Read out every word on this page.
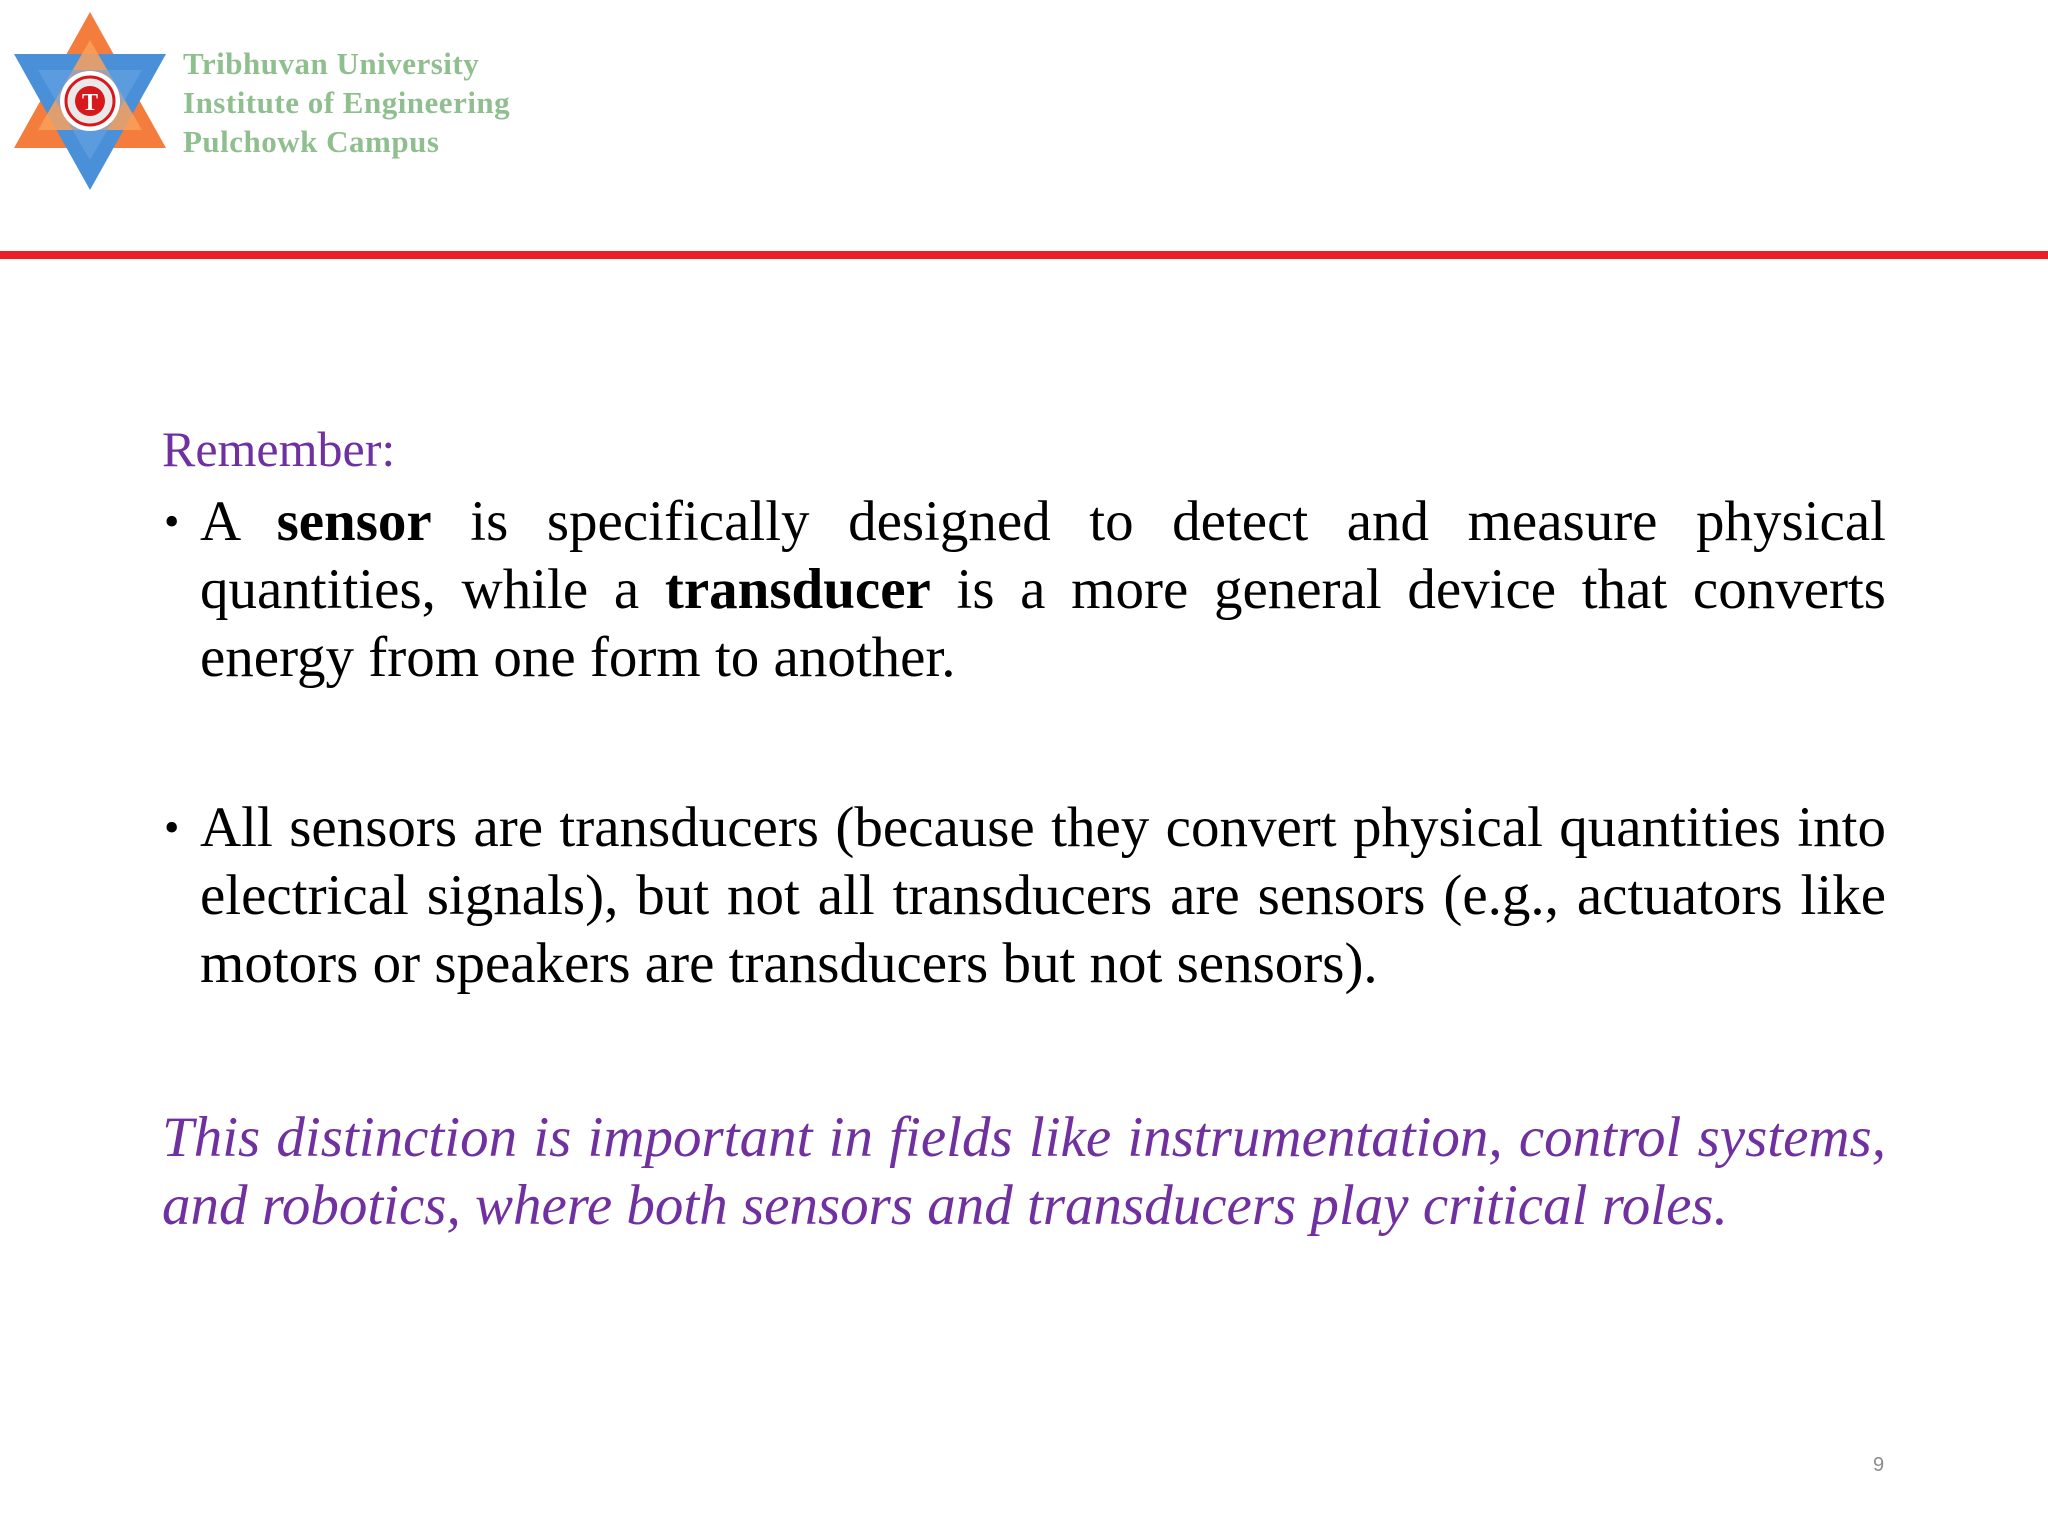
T
Tribhuvan University
Institute of Engineering
Pulchowk Campus

Remember:

• A sensor is specifically designed to detect and measure physical quantities, while a transducer is a more general device that converts energy from one form to another.
• All sensors are transducers (because they convert physical quantities into electrical signals), but not all transducers are sensors (e.g., actuators like motors or speakers are transducers but not sensors).

This distinction is important in fields like instrumentation, control systems, and robotics, where both sensors and transducers play critical roles.

9
